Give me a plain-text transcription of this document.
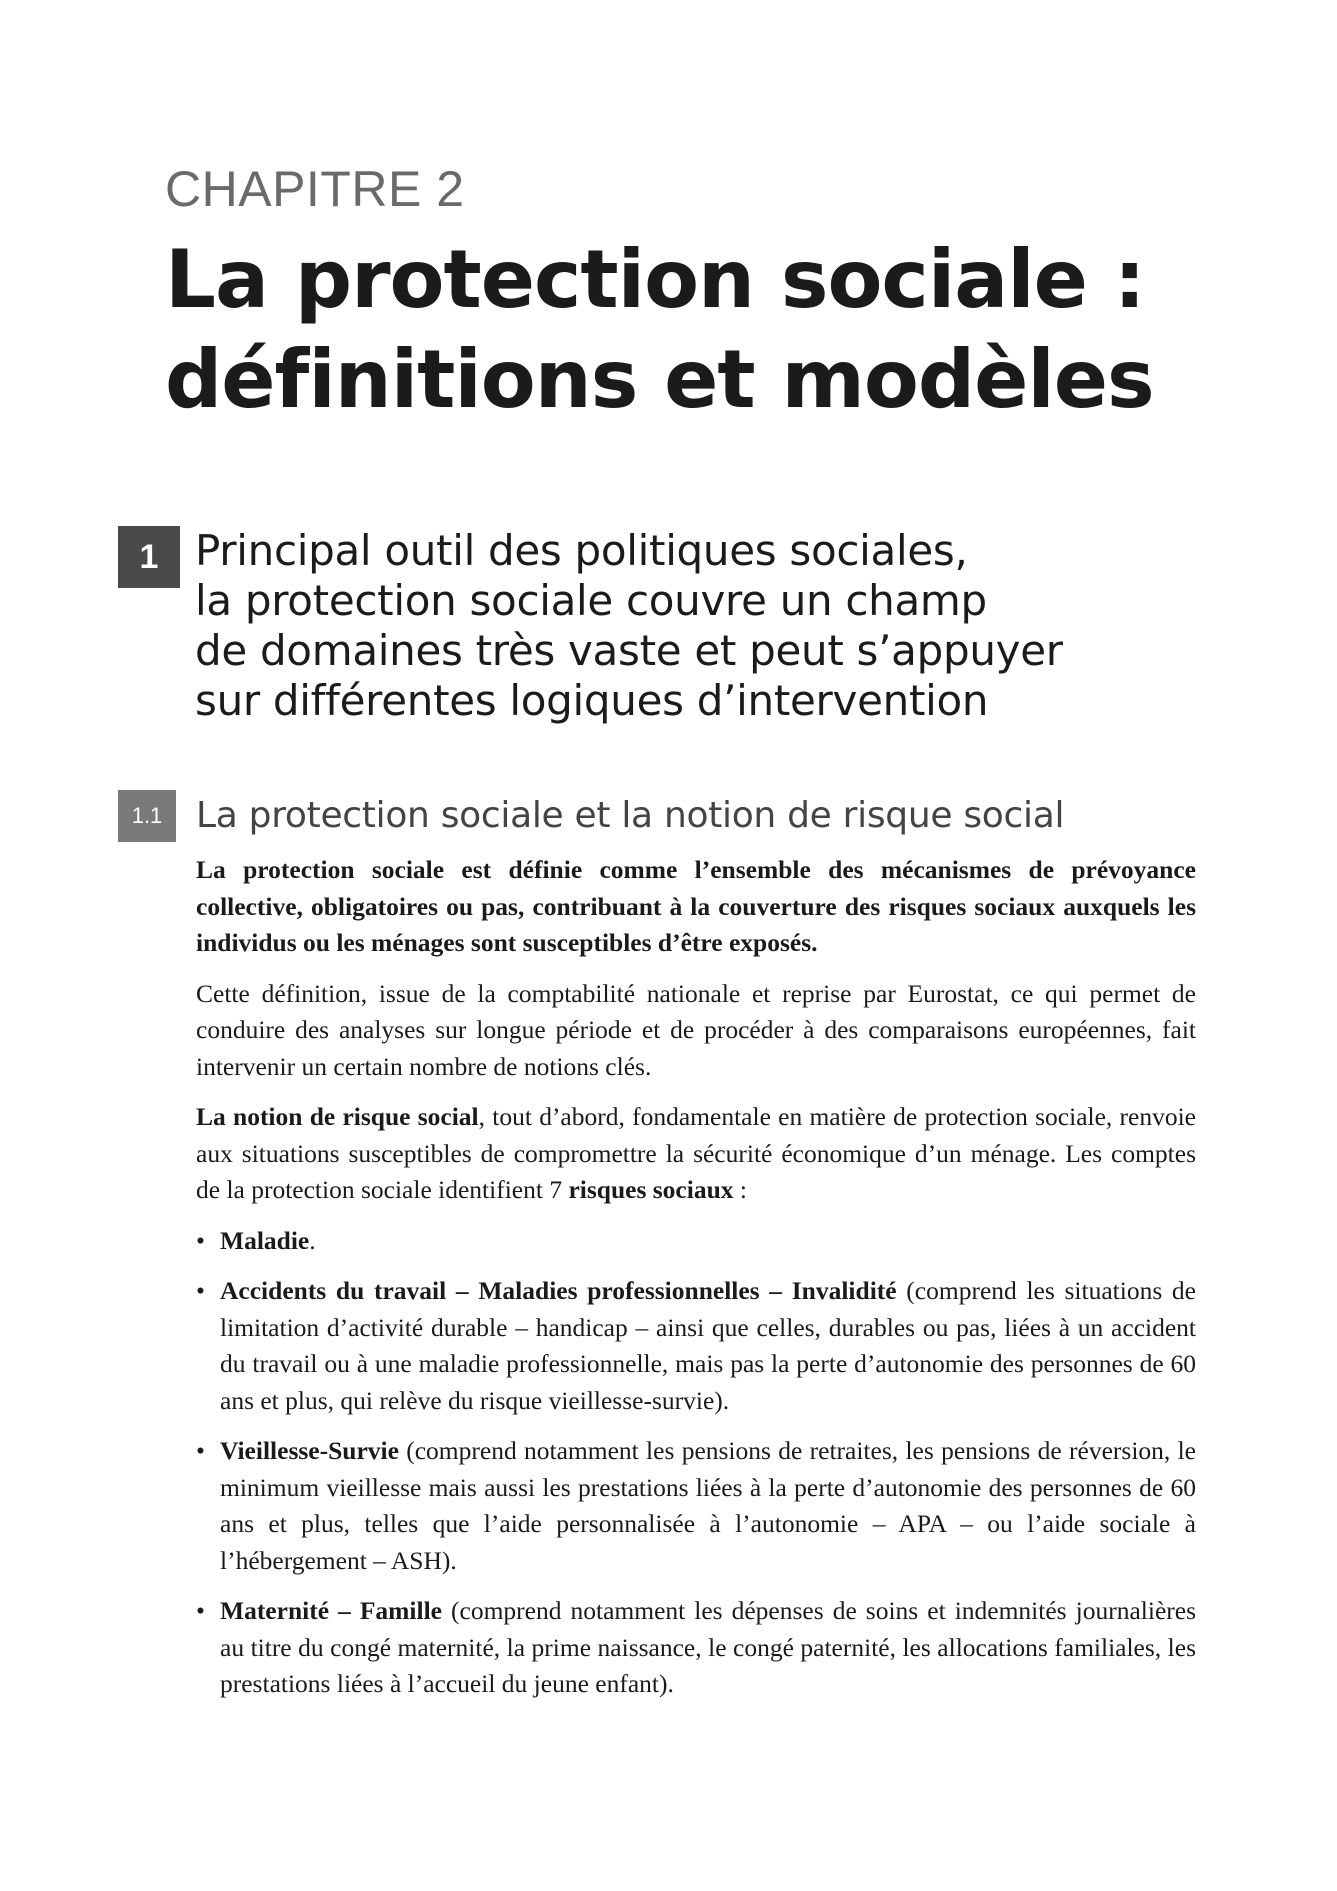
CHAPITRE 2
La protection sociale :
définitions et modèles
1 Principal outil des politiques sociales,
la protection sociale couvre un champ
de domaines très vaste et peut s’appuyer
sur différentes logiques d’intervention
1.1 La protection sociale et la notion de risque social

La protection sociale est définie comme l’ensemble des mécanismes de prévoyance collective, obligatoires ou pas, contribuant à la couverture des risques sociaux auxquels les individus ou les ménages sont susceptibles d’être exposés.

Cette définition, issue de la comptabilité nationale et reprise par Eurostat, ce qui permet de conduire des analyses sur longue période et de procéder à des comparaisons européennes, fait intervenir un certain nombre de notions clés.

La notion de risque social, tout d’abord, fondamentale en matière de protection sociale, renvoie aux situations susceptibles de compromettre la sécurité économique d’un ménage. Les comptes de la protection sociale identifient 7 risques sociaux :

• Maladie.
• Accidents du travail – Maladies professionnelles – Invalidité (comprend les situations de limitation d’activité durable – handicap – ainsi que celles, durables ou pas, liées à un accident du travail ou à une maladie professionnelle, mais pas la perte d’autonomie des personnes de 60 ans et plus, qui relève du risque vieillesse-survie).
• Vieillesse-Survie (comprend notamment les pensions de retraites, les pensions de réversion, le minimum vieillesse mais aussi les prestations liées à la perte d’autonomie des personnes de 60 ans et plus, telles que l’aide personnalisée à l’autonomie – APA – ou l’aide sociale à l’hébergement – ASH).
• Maternité – Famille (comprend notamment les dépenses de soins et indemnités journalières au titre du congé maternité, la prime naissance, le congé paternité, les allocations familiales, les prestations liées à l’accueil du jeune enfant).
